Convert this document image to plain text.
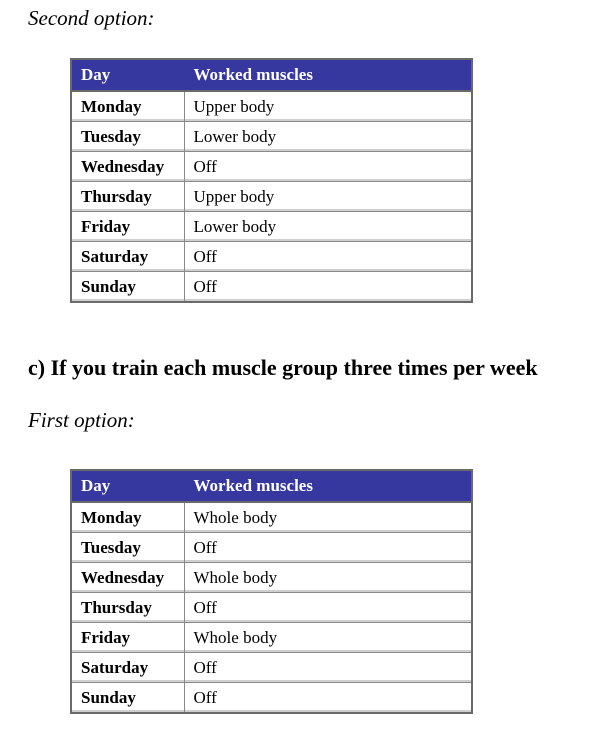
Second option:

Day	Worked muscles
Monday	Upper body
Tuesday	Lower body
Wednesday	Off
Thursday	Upper body
Friday	Lower body
Saturday	Off
Sunday	Off
c) If you train each muscle group three times per week

First option:

Day	Worked muscles
Monday	Whole body
Tuesday	Off
Wednesday	Whole body
Thursday	Off
Friday	Whole body
Saturday	Off
Sunday	Off
